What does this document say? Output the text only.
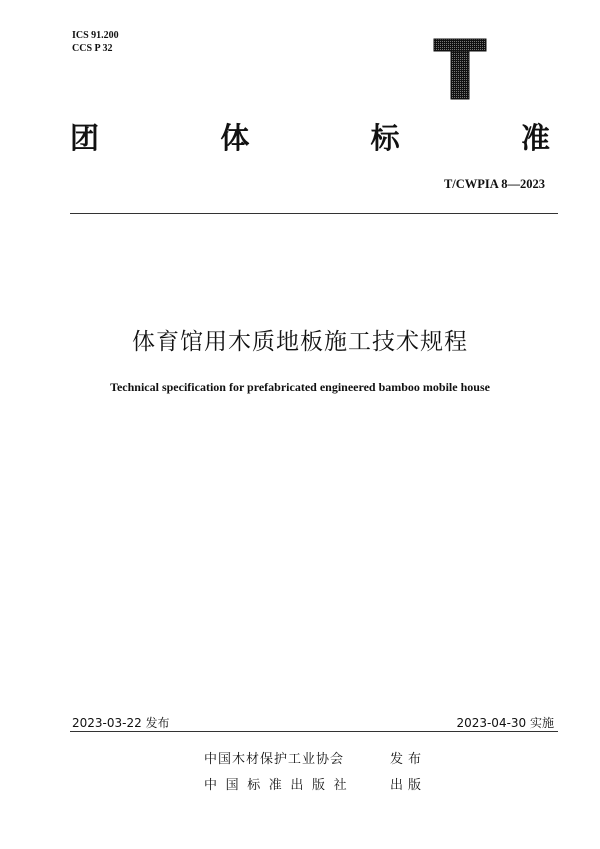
ICS 91.200
CCS P 32
团	体	标	准
T/CWPIA 8—2023
体育馆用木质地板施工技术规程
Technical specification for prefabricated engineered bamboo mobile house
2023-03-22 发布	2023-04-30 实施
中国木材保护工业协会	发布
中国标准出版社	出版
